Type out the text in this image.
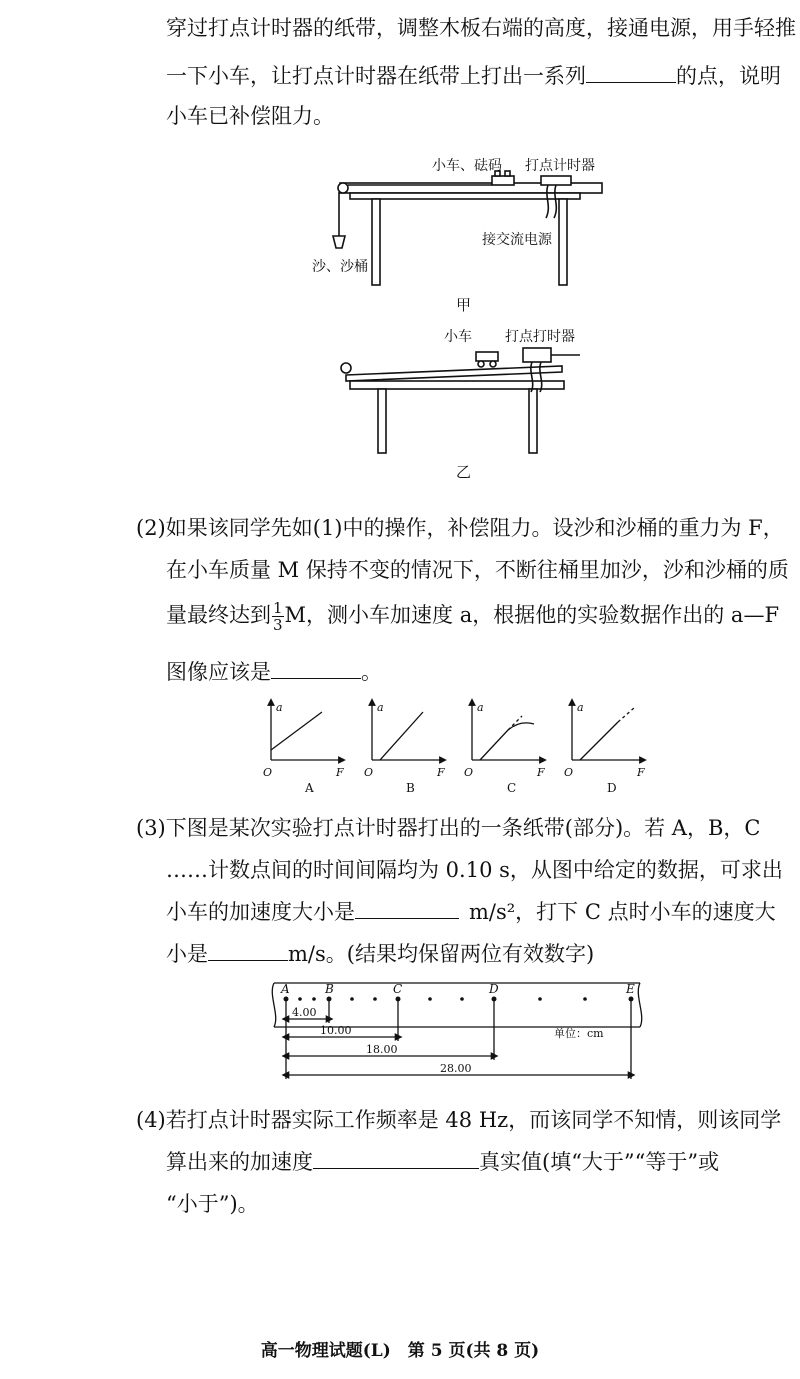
穿过打点计时器的纸带，调整木板右端的高度，接通电源，用手轻推
一下小车，让打点计时器在纸带上打出一系列	的点，说明
小车已补偿阻力。
小车、砝码 打点计时器
接交流电源
沙、沙桶
甲
小车 打点打时器
乙
(2)如果该同学先如(1)中的操作，补偿阻力。设沙和沙桶的重力为 F，
在小车质量 M 保持不变的情况下，不断往桶里加沙，沙和沙桶的质
量最终达到 $\frac{1}{3}$ M，测小车加速度 a，根据他的实验数据作出的 a—F
图像应该是	。
a	a	a	a
O	O	O	O
F	F	F	F
A	B	C	D
(3)下图是某次实验打点计时器打出的一条纸带(部分)。若 A，B，C
……计数点间的时间间隔均为 0.10 s，从图中给定的数据，可求出
小车的加速度大小是	m/s²，打下 C 点时小车的速度大
小是	m/s。(结果均保留两位有效数字)
A	B	C	D	E
4.00
10.00
18.00
28.00
单位：cm
(4)若打点计时器实际工作频率是 48 Hz，而该同学不知情，则该同学
算出来的加速度	真实值(填“大于”“等于”或
“小于”)。
高一物理试题(L)　第 5 页(共 8 页)
